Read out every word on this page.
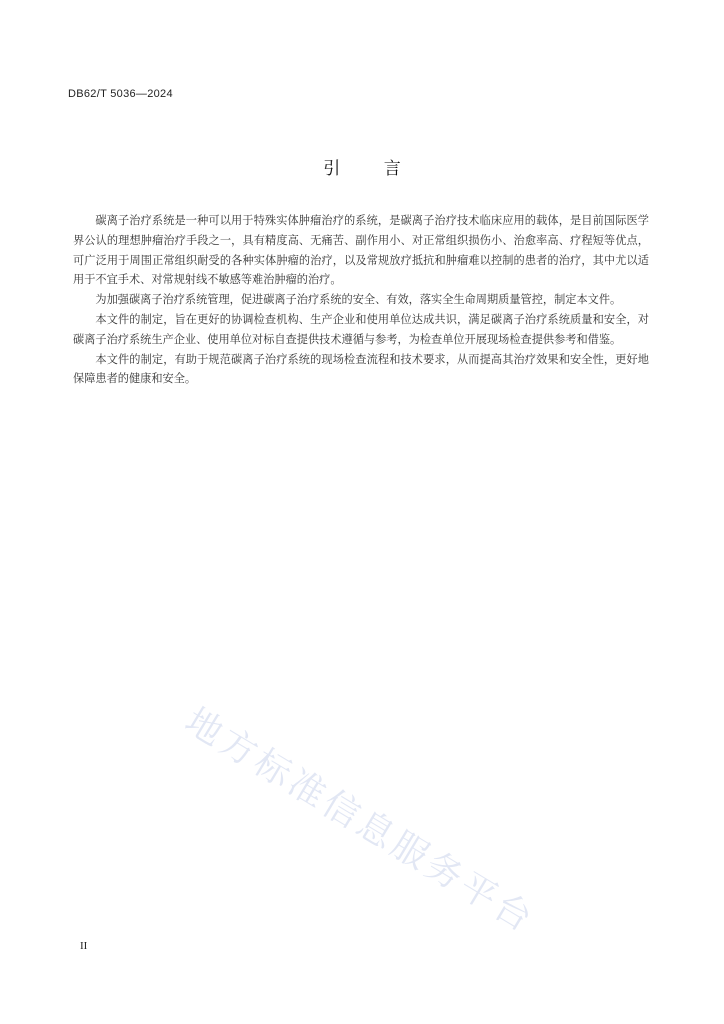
DB62/T 5036—2024
引 言

碳离子治疗系统是一种可以用于特殊实体肿瘤治疗的系统，是碳离子治疗技术临床应用的载体，是目前国际医学界公认的理想肿瘤治疗手段之一，具有精度高、无痛苦、副作用小、对正常组织损伤小、治愈率高、疗程短等优点，可广泛用于周围正常组织耐受的各种实体肿瘤的治疗，以及常规放疗抵抗和肿瘤难以控制的患者的治疗，其中尤以适用于不宜手术、对常规射线不敏感等难治肿瘤的治疗。

为加强碳离子治疗系统管理，促进碳离子治疗系统的安全、有效，落实全生命周期质量管控，制定本文件。

本文件的制定，旨在更好的协调检查机构、生产企业和使用单位达成共识，满足碳离子治疗系统质量和安全，对碳离子治疗系统生产企业、使用单位对标自查提供技术遵循与参考，为检查单位开展现场检查提供参考和借鉴。

本文件的制定，有助于规范碳离子治疗系统的现场检查流程和技术要求，从而提高其治疗效果和安全性，更好地保障患者的健康和安全。

地方标准信息服务平台
II
